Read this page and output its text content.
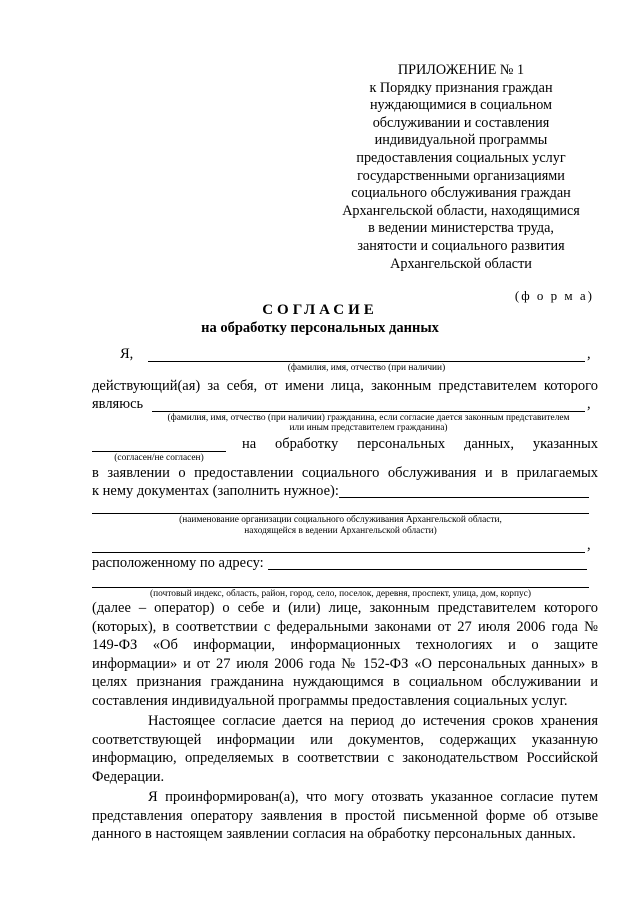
ПРИЛОЖЕНИЕ № 1
к Порядку признания граждан
нуждающимися в социальном
обслуживании и составления
индивидуальной программы
предоставления социальных услуг
государственными организациями
социального обслуживания граждан
Архангельской области, находящимися
в ведении министерства труда,
занятости и социального развития
Архангельской области
(ф о р м а)
СОГЛАСИЕ
на обработку персональных данных
Я,	,
(фамилия, имя, отчество (при наличии)
действующий(ая) за себя, от имени лица, законным представителем которого
являюсь	,
(фамилия, имя, отчество (при наличии) гражданина, если согласие дается законным представителем
или иным представителем гражданина)
на обработку персональных данных, указанных
(согласен/не согласен)
в заявлении о предоставлении социального обслуживания и в прилагаемых
к нему документах (заполнить нужное):
(наименование организации социального обслуживания Архангельской области,
находящейся в ведении Архангельской области)
,
расположенному по адресу:
(почтовый индекс, область, район, город, село, поселок, деревня, проспект, улица, дом, корпус)

(далее – оператор) о себе и (или) лице, законным представителем которого (которых), в соответствии с федеральными законами от 27 июля 2006 года № 149-ФЗ «Об информации, информационных технологиях и о защите информации» и от 27 июля 2006 года № 152-ФЗ «О персональных данных» в целях признания гражданина нуждающимся в социальном обслуживании и составления индивидуальной программы предоставления социальных услуг.

Настоящее согласие дается на период до истечения сроков хранения соответствующей информации или документов, содержащих указанную информацию, определяемых в соответствии с законодательством Российской Федерации.

Я проинформирован(а), что могу отозвать указанное согласие путем представления оператору заявления в простой письменной форме об отзыве данного в настоящем заявлении согласия на обработку персональных данных.
